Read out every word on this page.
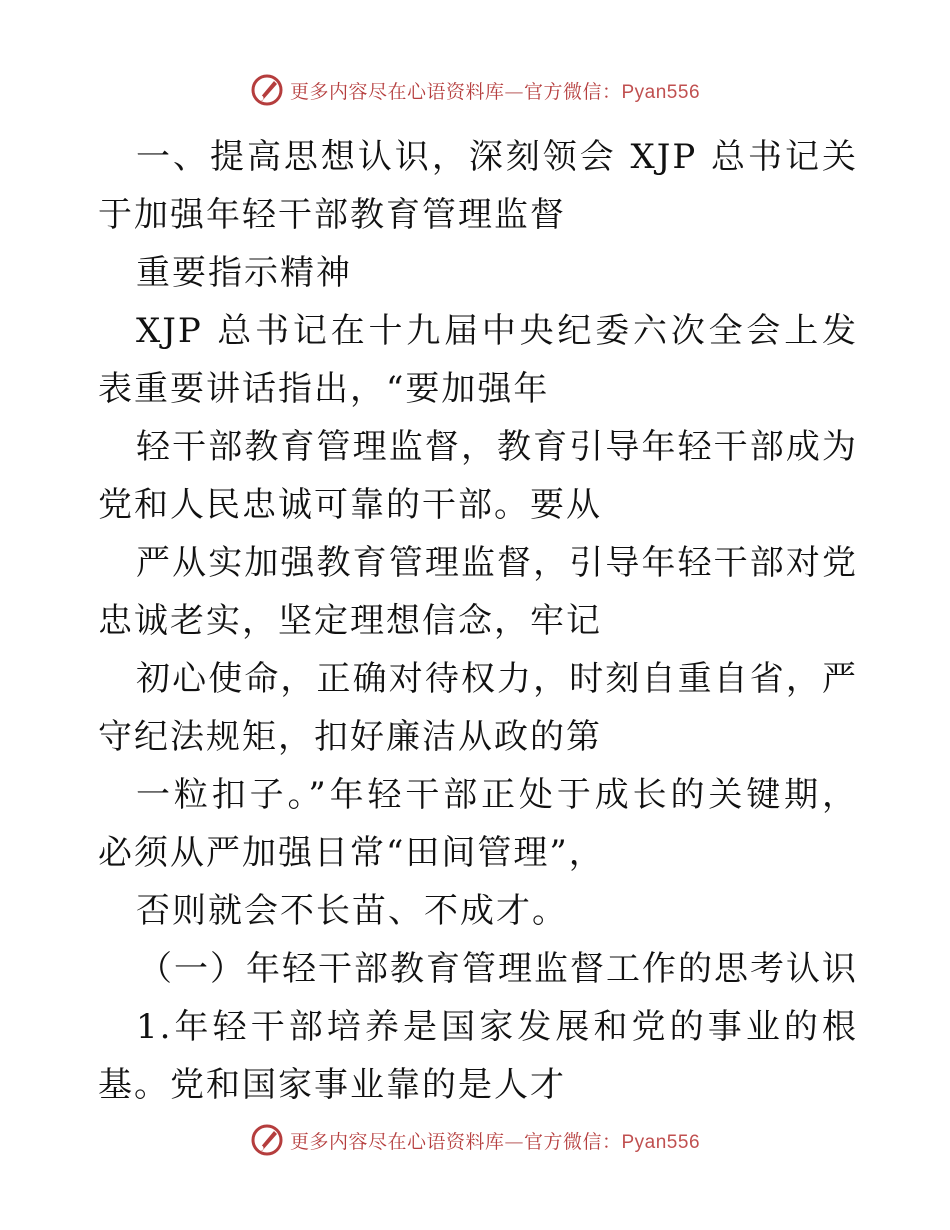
更多内容尽在心语资料库—官方微信：Pyan556

一、提高思想认识，深刻领会 XJP 总书记关于加强年轻干部教育管理监督

重要指示精神

XJP 总书记在十九届中央纪委六次全会上发表重要讲话指出，“要加强年

轻干部教育管理监督，教育引导年轻干部成为党和人民忠诚可靠的干部。要从

严从实加强教育管理监督，引导年轻干部对党忠诚老实，坚定理想信念，牢记

初心使命，正确对待权力，时刻自重自省，严守纪法规矩，扣好廉洁从政的第

一粒扣子。”年轻干部正处于成长的关键期，必须从严加强日常“田间管理”，

否则就会不长苗、不成才。

（一）年轻干部教育管理监督工作的思考认识

1.年轻干部培养是国家发展和党的事业的根基。党和国家事业靠的是人才

更多内容尽在心语资料库—官方微信：Pyan556
